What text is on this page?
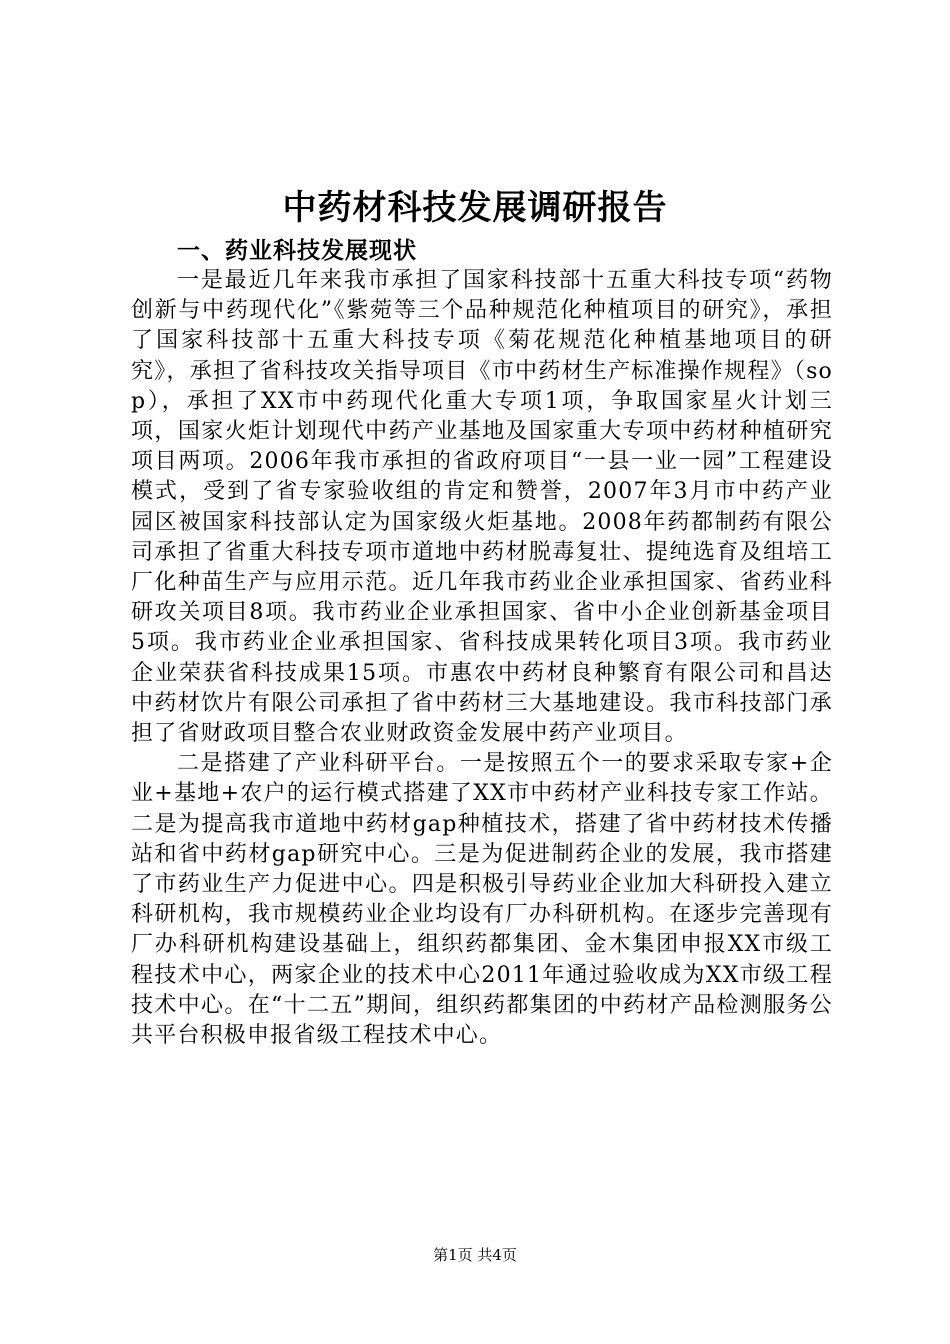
中药材科技发展调研报告
一、药业科技发展现状

一是最近几年来我市承担了国家科技部十五重大科技专项“药物创新与中药现代化”《紫菀等三个品种规范化种植项目的研究》，承担了国家科技部十五重大科技专项《菊花规范化种植基地项目的研究》，承担了省科技攻关指导项目《市中药材生产标准操作规程》（sop），承担了XX市中药现代化重大专项1项，争取国家星火计划三项，国家火炬计划现代中药产业基地及国家重大专项中药材种植研究项目两项。2006年我市承担的省政府项目“一县一业一园”工程建设模式，受到了省专家验收组的肯定和赞誉，2007年3月市中药产业园区被国家科技部认定为国家级火炬基地。2008年药都制药有限公司承担了省重大科技专项市道地中药材脱毒复壮、提纯选育及组培工厂化种苗生产与应用示范。近几年我市药业企业承担国家、省药业科研攻关项目8项。我市药业企业承担国家、省中小企业创新基金项目5项。我市药业企业承担国家、省科技成果转化项目3项。我市药业企业荣获省科技成果15项。市惠农中药材良种繁育有限公司和昌达中药材饮片有限公司承担了省中药材三大基地建设。我市科技部门承担了省财政项目整合农业财政资金发展中药产业项目。

二是搭建了产业科研平台。一是按照五个一的要求采取专家+企业+基地+农户的运行模式搭建了XX市中药材产业科技专家工作站。二是为提高我市道地中药材gap种植技术，搭建了省中药材技术传播站和省中药材gap研究中心。三是为促进制药企业的发展，我市搭建了市药业生产力促进中心。四是积极引导药业企业加大科研投入建立科研机构，我市规模药业企业均设有厂办科研机构。在逐步完善现有厂办科研机构建设基础上，组织药都集团、金木集团申报XX市级工程技术中心，两家企业的技术中心2011年通过验收成为XX市级工程技术中心。在“十二五”期间，组织药都集团的中药材产品检测服务公共平台积极申报省级工程技术中心。

第1页 共4页
